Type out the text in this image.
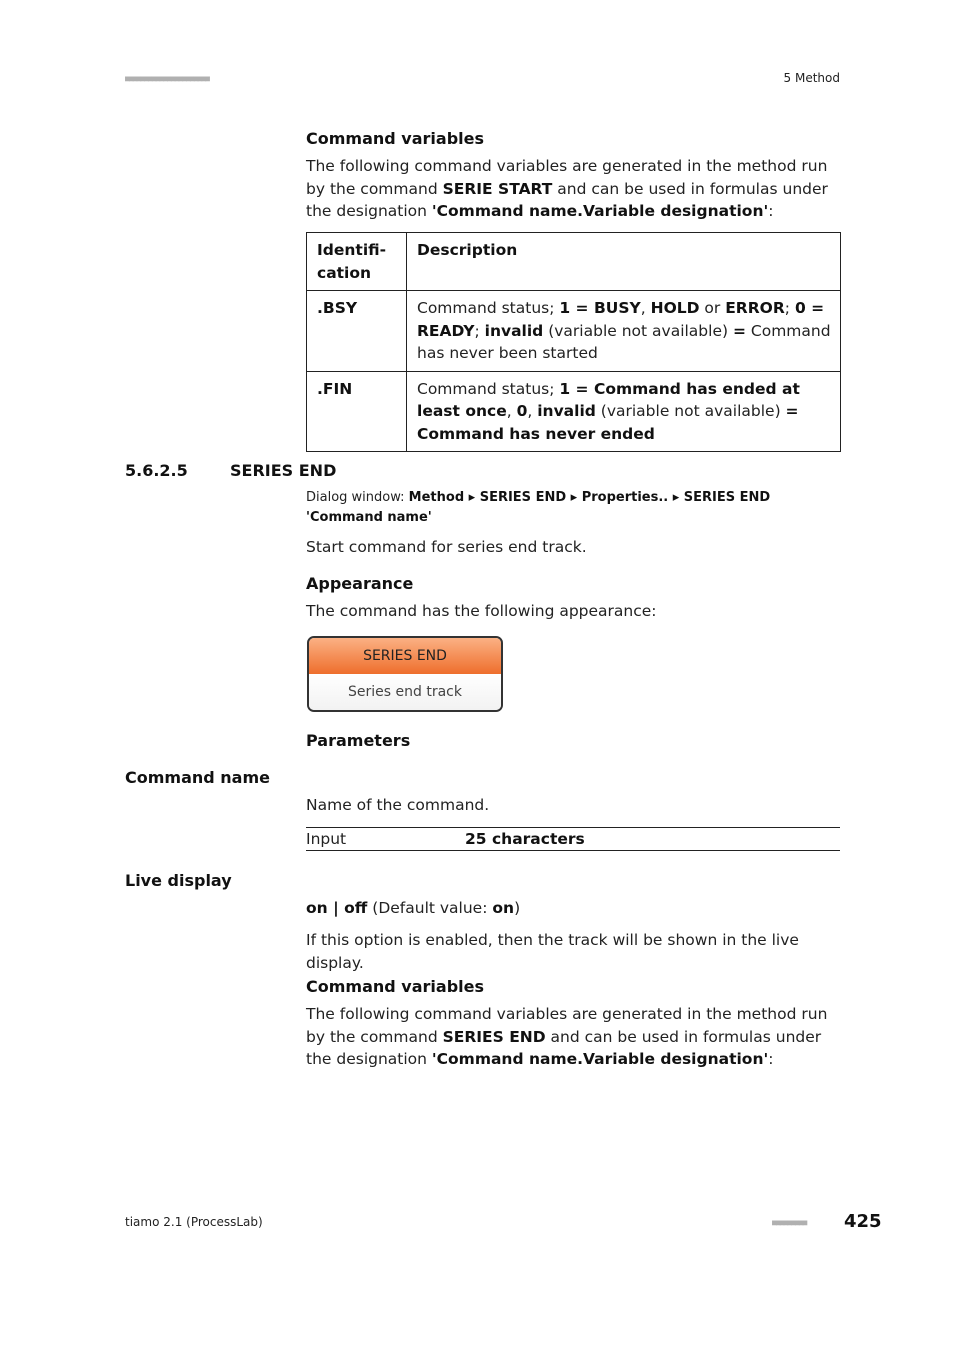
■■■■■■■■■■■■■■■■■■■■■■	5 Method
Command variables
The following command variables are generated in the method run by the command SERIE START and can be used in formulas under the designation 'Command name.Variable designation':
Identifi-
cation	Description
.BSY	Command status; 1 = BUSY, HOLD or ERROR; 0 = READY; invalid (variable not available) = Command has never been started
.FIN	Command status; 1 = Command has ended at least once, 0, invalid (variable not available) = Command has never ended
5.6.2.5	SERIES END
Dialog window: Method ▸ SERIES END ▸ Properties.. ▸ SERIES END 'Command name'
Start command for series end track.
Appearance
The command has the following appearance:
SERIES END
Series end track
Parameters
Command name
Name of the command.
Input	25 characters
Live display
on | off (Default value: on)
If this option is enabled, then the track will be shown in the live display.
Command variables
The following command variables are generated in the method run by the command SERIES END and can be used in formulas under the designation 'Command name.Variable designation':
tiamo 2.1 (ProcessLab)	■■■■■■■■■ 425
